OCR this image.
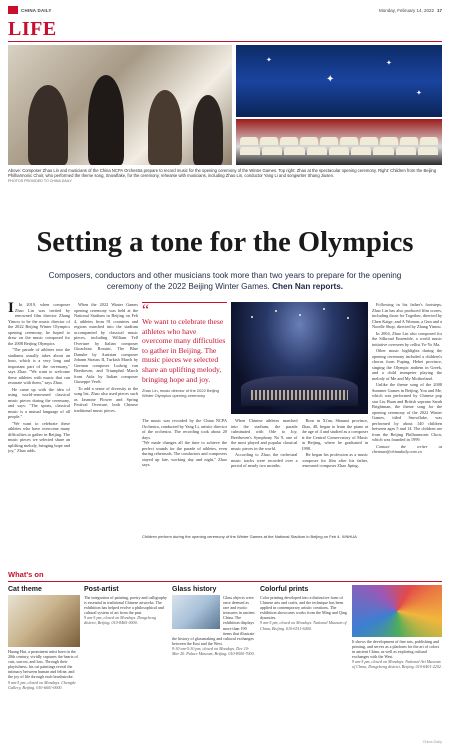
CHINA DAILY	Monday, February 14, 2022 17
LIFE
✦
✦
✦
✦
Above: Composer Zhao Lin and musicians of the China NCPA Orchestra prepare to record music for the opening ceremony of the Winter Games. Top right: Zhao at the spectacular opening ceremony. Right: Children from the Beijing Philharmonic Choir, who performed the theme song, Snowflake, for the ceremony, rehearse with musicians, including Zhao Lin, conductor Yang Li and songwriter Shang Jiusen.
PHOTOS PROVIDED TO CHINA DAILY
Setting a tone for the Olympics
Composers, conductors and other musicians took more than two years to prepare for the opening ceremony of the 2022 Beijing Winter Games. Chen Nan reports.
I	In 2019, when composer Zhao Lin was invited by renowned film director Zhang Yimou to be the music director of the 2022 Beijing Winter Olympics opening ceremony, he hoped to draw on the music composed for the 2008 Beijing Olympics.

"The parade of athletes into the stadiums usually takes about an hour, which is a very long and important part of the ceremony," says Zhao. "We want to welcome these athletes with music that can resonate with them," says Zhao.

He came up with the idea of using world-renowned classical music pieces during the ceremony, and says: "The sports, classical music is a mutual language of all people."

"We want to celebrate these athletes who have overcome many difficulties to gather in Beijing. The music pieces we selected share an uplifting melody, bringing hope and joy," Zhao adds.

When the 2022 Winter Games opening ceremony was held at the National Stadium in Beijing on Feb 4, athletes from 91 countries and regions marched into the stadium accompanied by classical music pieces, including William Tell Overture by Italian composer Gioachino Rossini, The Blue Danube by Austrian composer Johann Strauss II, Turkish March by German composer Ludwig van Beethoven, and Triumphal March from Aida by Italian composer Giuseppe Verdi.

To add a sense of diversity to the song list, Zhao also used pieces such as Jasmine Flower and Spring Festival Overture, both Chinese traditional music pieces.

“
We want to celebrate these athletes who have overcome many difficulties to gather in Beijing. The music pieces we selected share an uplifting melody, bringing hope and joy.
Zhao Lin, music director of the 2022 Beijing Winter Olympics opening ceremony

The music was recorded by the China NCPA Orchestra, conducted by Yang Li, artistic director of the orchestra. The recording took about 20 days.

"We made changes all the time to achieve the perfect sounds for the parade of athletes, even during rehearsals. The conductors and composers stayed up late, working day and night," Zhao says.

Children perform during the opening ceremony of the Winter Games at the National Stadium in Beijing on Feb 4. XINHUA

When Chinese athletes marched into the stadium, the parade culminated with Ode to Joy, Beethoven's Symphony No 9, one of the most played and popular classical music pieces in the world.

According to Zhao, the orchestral music tracks were recorded over a period of nearly two months.

Born in Xi'an, Shaanxi province, Zhao, 48, began to learn the piano at the age of 4 and studied as a composer at the Central Conservatory of Music in Beijing, where he graduated in 1998.

He began his profession as a music composer for film after his father, renowned composer Zhao Jiping.

Following in his father's footsteps, Zhao Lin has also produced film scores, including those for Together, directed by Chen Kaige, and A Woman, a Gun and a Noodle Shop, directed by Zhang Yimou.

In 2004, Zhao Lin also composed for the Silkroad Ensemble, a world music initiative overseen by cellist Yo-Yo Ma.

Other music highlights during the opening ceremony included a children's chorus from Fuping, Hebei province, singing the Olympic anthem in Greek, and a child trumpeter playing the melody of Me and My Motherland.

Unlike the theme song of the 2008 Summer Games in Beijing, You and Me, which was performed by Chinese pop star Liu Huan and British soprano Sarah Brightman, the theme song for the opening ceremony of the 2022 Winter Games, titled Snowflake, was performed by about 140 children between ages 5 and 14. The children are from the Beijing Philharmonic Choir, which was founded in 1999.

Contact the writer at chennan@chinadaily.com.cn

What's on
Cat theme

Huang Hui, a prominent artist born in the 20th century, vividly captures the hearts of cats, sorrow, and loss. Through their playfulness, his cat paintings reveal the intimacy between human and feline, and the joy of life through each brushstroke.

9 am-5 pm, closed on Mondays. Chengde Gallery, Beijing. 010-6601-0000.

Post-artist

The integration of painting, poetry and calligraphy is essential in traditional Chinese artworks. The exhibition has helped evolve a philosophical and cultural system of art from the past.

9 am-5 pm, closed on Mondays. Dongcheng district, Beijing. 010-8465-0000.

Glass history

Glass objects were once deemed as rare and exotic treasures in ancient China. The exhibition displays more than 190 items that illustrate the history of glassmaking and cultural exchanges between the East and the West.

9:30 am-5:30 pm, closed on Mondays. Dec 10-Mar 20. Palace Museum, Beijing. 010-8500-7000.

Colorful prints

Color printing developed into a distinctive form of Chinese arts and crafts, and the technique has been applied in contemporary artistic creations. The exhibition showcases works from the Ming and Qing dynasties.

9 am-5 pm, closed on Mondays. National Museum of China, Beijing. 010-6511-6400.

It shows the development of fine arts, publishing and printing, and serves as a platform for the art of colors in ancient China, as well as exploring cultural exchanges with the West.

9 am-5 pm, closed on Mondays. National Art Museum of China, Dongcheng district, Beijing. 010-6401-2252.

China Daily
